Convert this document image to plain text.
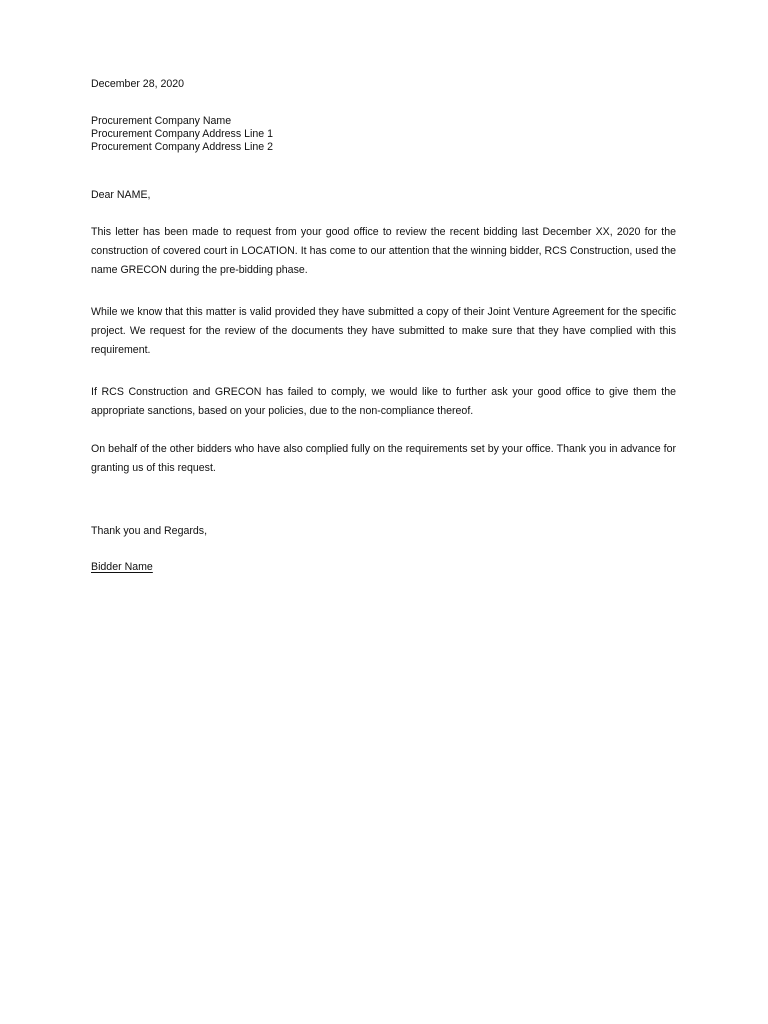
December 28, 2020
Procurement Company Name
Procurement Company Address Line 1
Procurement Company Address Line 2
Dear NAME,
This letter has been made to request from your good office to review the recent bidding last December XX, 2020 for the construction of covered court in LOCATION. It has come to our attention that the winning bidder, RCS Construction, used the name GRECON during the pre-bidding phase.
While we know that this matter is valid provided they have submitted a copy of their Joint Venture Agreement for the specific project. We request for the review of the documents they have submitted to make sure that they have complied with this requirement.
If RCS Construction and GRECON has failed to comply, we would like to further ask your good office to give them the appropriate sanctions, based on your policies, due to the non-compliance thereof.
On behalf of the other bidders who have also complied fully on the requirements set by your office. Thank you in advance for granting us of this request.
Thank you and Regards,
Bidder Name
